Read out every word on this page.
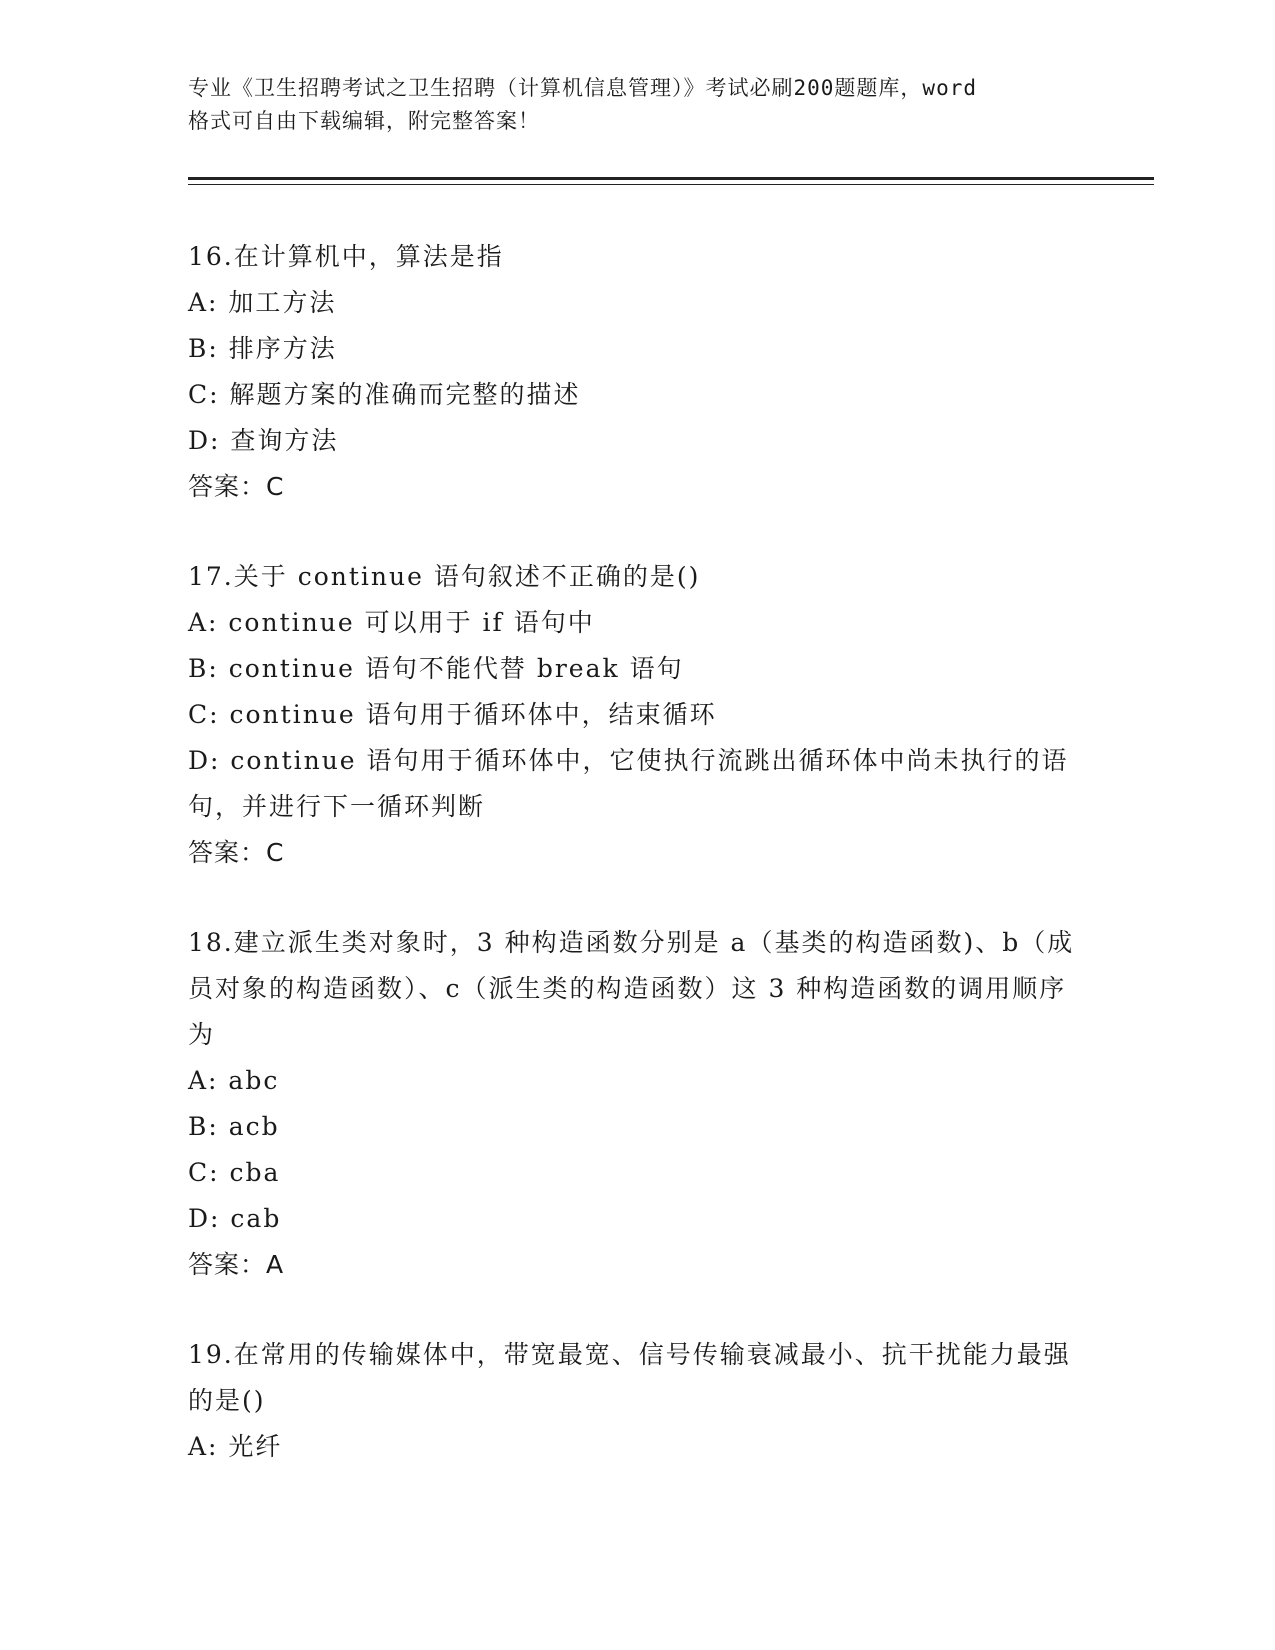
专业《卫生招聘考试之卫生招聘（计算机信息管理）》考试必刷200题题库，word
格式可自由下载编辑，附完整答案！
16.在计算机中，算法是指
A: 加工方法
B: 排序方法
C: 解题方案的准确而完整的描述
D: 查询方法
答案：C
17.关于 continue 语句叙述不正确的是()
A: continue 可以用于 if 语句中
B: continue 语句不能代替 break 语句
C: continue 语句用于循环体中，结束循环
D: continue 语句用于循环体中，它使执行流跳出循环体中尚未执行的语句，并进行下一循环判断
答案：C
18.建立派生类对象时，3 种构造函数分别是 a（基类的构造函数)、b（成员对象的构造函数）、c（派生类的构造函数）这 3 种构造函数的调用顺序为
A: abc
B: acb
C: cba
D: cab
答案：A
19.在常用的传输媒体中，带宽最宽、信号传输衰减最小、抗干扰能力最强的是()
A: 光纤
